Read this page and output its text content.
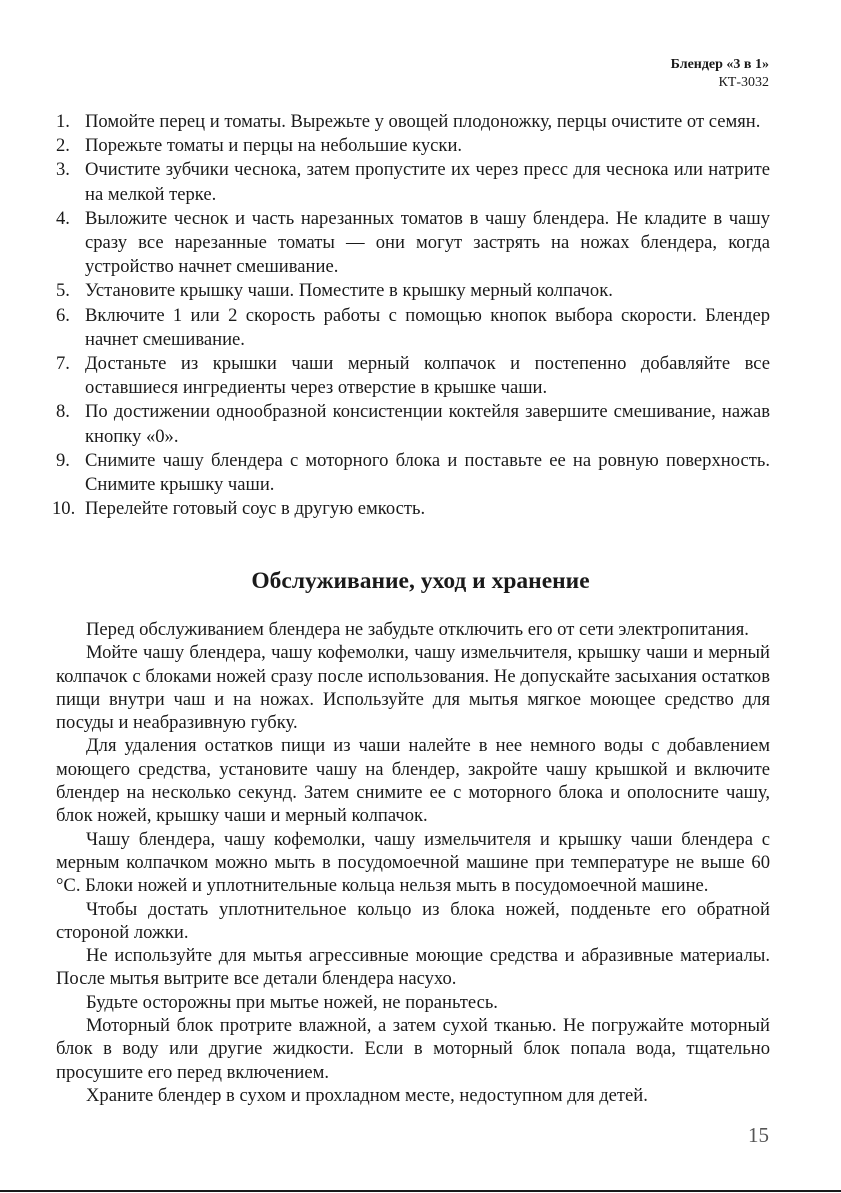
Блендер «3 в 1»
КТ-3032
1. Помойте перец и томаты. Вырежьте у овощей плодоножку, перцы очистите от семян.
2. Порежьте томаты и перцы на небольшие куски.
3. Очистите зубчики чеснока, затем пропустите их через пресс для чеснока или натрите на мелкой терке.
4. Выложите чеснок и часть нарезанных томатов в чашу блендера. Не кладите в чашу сразу все нарезанные томаты — они могут застрять на ножах блендера, когда устройство начнет смешивание.
5. Установите крышку чаши. Поместите в крышку мерный колпачок.
6. Включите 1 или 2 скорость работы с помощью кнопок выбора скорости. Блендер начнет смешивание.
7. Достаньте из крышки чаши мерный колпачок и постепенно добавляйте все оставшиеся ингредиенты через отверстие в крышке чаши.
8. По достижении однообразной консистенции коктейля завершите смешивание, нажав кнопку «0».
9. Снимите чашу блендера с моторного блока и поставьте ее на ровную поверхность. Снимите крышку чаши.
10. Перелейте готовый соус в другую емкость.
Обслуживание, уход и хранение

Перед обслуживанием блендера не забудьте отключить его от сети электропитания.

Мойте чашу блендера, чашу кофемолки, чашу измельчителя, крышку чаши и мерный колпачок с блоками ножей сразу после использования. Не допускайте засыхания остатков пищи внутри чаш и на ножах. Используйте для мытья мягкое моющее средство для посуды и неабразивную губку.

Для удаления остатков пищи из чаши налейте в нее немного воды с добавлением моющего средства, установите чашу на блендер, закройте чашу крышкой и включите блендер на несколько секунд. Затем снимите ее с моторного блока и ополосните чашу, блок ножей, крышку чаши и мерный колпачок.

Чашу блендера, чашу кофемолки, чашу измельчителя и крышку чаши блендера с мерным колпачком можно мыть в посудомоечной машине при температуре не выше 60 °С. Блоки ножей и уплотнительные кольца нельзя мыть в посудомоечной машине.

Чтобы достать уплотнительное кольцо из блока ножей, подденьте его обратной стороной ложки.

Не используйте для мытья агрессивные моющие средства и абразивные материалы. После мытья вытрите все детали блендера насухо.

Будьте осторожны при мытье ножей, не пораньтесь.

Моторный блок протрите влажной, а затем сухой тканью. Не погружайте моторный блок в воду или другие жидкости. Если в моторный блок попала вода, тщательно просушите его перед включением.

Храните блендер в сухом и прохладном месте, недоступном для детей.

15
